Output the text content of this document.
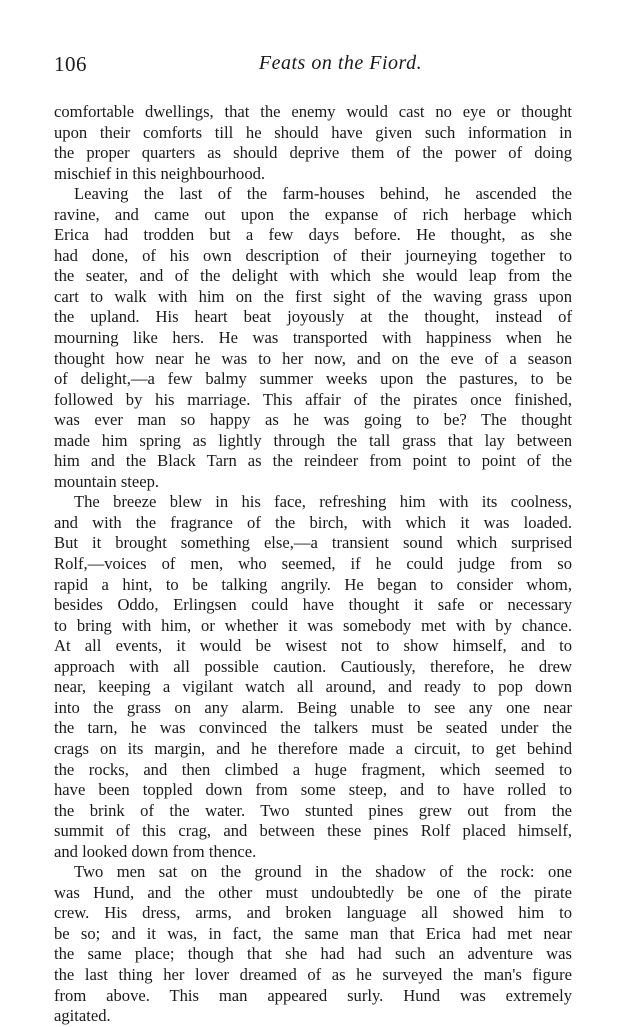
106	Feats on the Fiord.
comfortable dwellings, that the enemy would cast no eye or thought
upon their comforts till he should have given such information in
the proper quarters as should deprive them of the power of doing
mischief in this neighbourhood.
Leaving the last of the farm-houses behind, he ascended the
ravine, and came out upon the expanse of rich herbage which
Erica had trodden but a few days before. He thought, as she
had done, of his own description of their journeying together to
the seater, and of the delight with which she would leap from the
cart to walk with him on the first sight of the waving grass upon
the upland. His heart beat joyously at the thought, instead of
mourning like hers. He was transported with happiness when he
thought how near he was to her now, and on the eve of a season
of delight,—a few balmy summer weeks upon the pastures, to be
followed by his marriage. This affair of the pirates once finished,
was ever man so happy as he was going to be? The thought
made him spring as lightly through the tall grass that lay between
him and the Black Tarn as the reindeer from point to point of the
mountain steep.
The breeze blew in his face, refreshing him with its coolness,
and with the fragrance of the birch, with which it was loaded.
But it brought something else,—a transient sound which surprised
Rolf,—voices of men, who seemed, if he could judge from so
rapid a hint, to be talking angrily. He began to consider whom,
besides Oddo, Erlingsen could have thought it safe or necessary
to bring with him, or whether it was somebody met with by chance.
At all events, it would be wisest not to show himself, and to
approach with all possible caution. Cautiously, therefore, he drew
near, keeping a vigilant watch all around, and ready to pop down
into the grass on any alarm. Being unable to see any one near
the tarn, he was convinced the talkers must be seated under the
crags on its margin, and he therefore made a circuit, to get behind
the rocks, and then climbed a huge fragment, which seemed to
have been toppled down from some steep, and to have rolled to
the brink of the water. Two stunted pines grew out from the
summit of this crag, and between these pines Rolf placed himself,
and looked down from thence.
Two men sat on the ground in the shadow of the rock: one
was Hund, and the other must undoubtedly be one of the pirate
crew. His dress, arms, and broken language all showed him to
be so; and it was, in fact, the same man that Erica had met near
the same place; though that she had had such an adventure was
the last thing her lover dreamed of as he surveyed the man's figure
from above. This man appeared surly. Hund was extremely
agitated.
